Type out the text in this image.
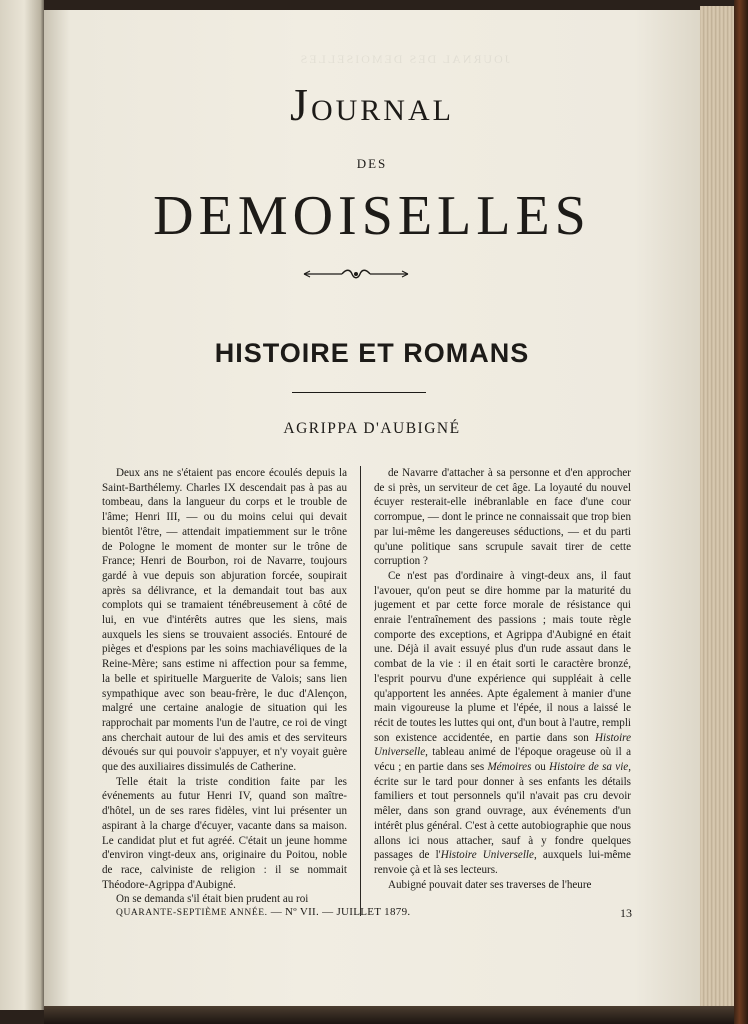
JOURNAL DES DEMOISELLES
JOURNAL
DES
DEMOISELLES
HISTOIRE ET ROMANS
AGRIPPA D'AUBIGNÉ

Deux ans ne s'étaient pas encore écoulés depuis la Saint-Barthélemy. Charles IX descendait pas à pas au tombeau, dans la langueur du corps et le trouble de l'âme; Henri III, — ou du moins celui qui devait bientôt l'être, — attendait impatiemment sur le trône de Pologne le moment de monter sur le trône de France; Henri de Bourbon, roi de Navarre, toujours gardé à vue depuis son abjuration forcée, soupirait après sa délivrance, et la demandait tout bas aux complots qui se tramaient ténébreusement à côté de lui, en vue d'intérêts autres que les siens, mais auxquels les siens se trouvaient associés. Entouré de pièges et d'espions par les soins machiavéliques de la Reine-Mère; sans estime ni affection pour sa femme, la belle et spirituelle Marguerite de Valois; sans lien sympathique avec son beau-frère, le duc d'Alençon, malgré une certaine analogie de situation qui les rapprochait par moments l'un de l'autre, ce roi de vingt ans cherchait autour de lui des amis et des serviteurs dévoués sur qui pouvoir s'appuyer, et n'y voyait guère que des auxiliaires dissimulés de Catherine.

Telle était la triste condition faite par les événements au futur Henri IV, quand son maître-d'hôtel, un de ses rares fidèles, vint lui présenter un aspirant à la charge d'écuyer, vacante dans sa maison. Le candidat plut et fut agréé. C'était un jeune homme d'environ vingt-deux ans, originaire du Poitou, noble de race, calviniste de religion : il se nommait Théodore-Agrippa d'Aubigné.

On se demanda s'il était bien prudent au roi

de Navarre d'attacher à sa personne et d'en approcher de si près, un serviteur de cet âge. La loyauté du nouvel écuyer resterait-elle inébranlable en face d'une cour corrompue, — dont le prince ne connaissait que trop bien par lui-même les dangereuses séductions, — et du parti qu'une politique sans scrupule savait tirer de cette corruption ?

Ce n'est pas d'ordinaire à vingt-deux ans, il faut l'avouer, qu'on peut se dire homme par la maturité du jugement et par cette force morale de résistance qui enraie l'entraînement des passions ; mais toute règle comporte des exceptions, et Agrippa d'Aubigné en était une. Déjà il avait essuyé plus d'un rude assaut dans le combat de la vie : il en était sorti le caractère bronzé, l'esprit pourvu d'une expérience qui suppléait à celle qu'apportent les années. Apte également à manier d'une main vigoureuse la plume et l'épée, il nous a laissé le récit de toutes les luttes qui ont, d'un bout à l'autre, rempli son existence accidentée, en partie dans son Histoire Universelle, tableau animé de l'époque orageuse où il a vécu ; en partie dans ses Mémoires ou Histoire de sa vie, écrite sur le tard pour donner à ses enfants les détails familiers et tout personnels qu'il n'avait pas cru devoir mêler, dans son grand ouvrage, aux événements d'un intérêt plus général. C'est à cette autobiographie que nous allons ici nous attacher, sauf à y fondre quelques passages de l'Histoire Universelle, auxquels lui-même renvoie çà et là ses lecteurs.

Aubigné pouvait dater ses traverses de l'heure

QUARANTE-SEPTIÈME ANNÉE. — Nº VII. — JUILLET 1879.	13
